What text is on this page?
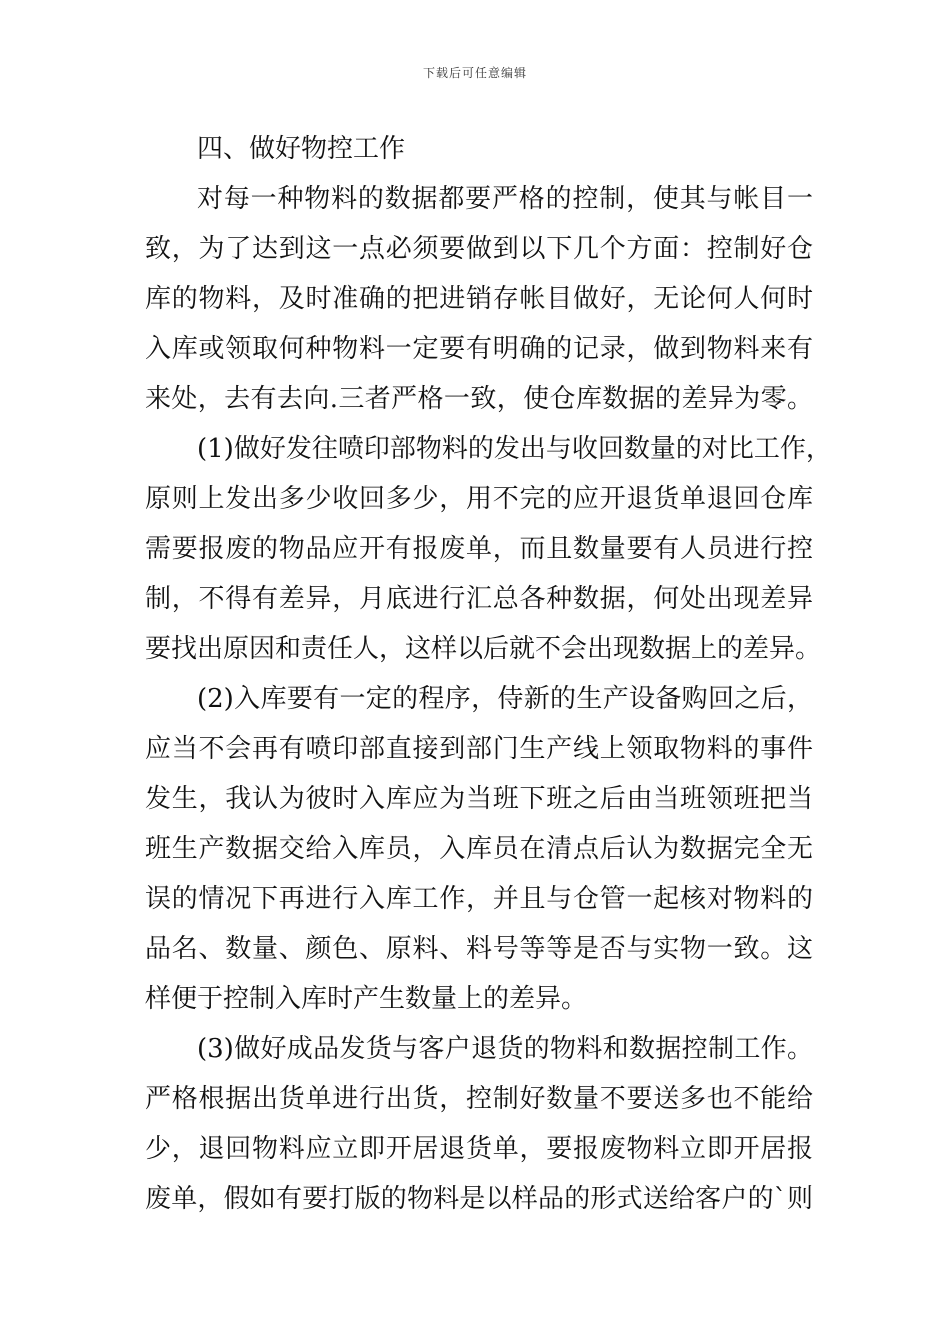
下载后可任意编辑
四、做好物控工作

对每一种物料的数据都要严格的控制，使其与帐目一
致，为了达到这一点必须要做到以下几个方面：控制好仓
库的物料，及时准确的把进销存帐目做好，无论何人何时
入库或领取何种物料一定要有明确的记录，做到物料来有
来处，去有去向.三者严格一致，使仓库数据的差异为零。

(1)做好发往喷印部物料的发出与收回数量的对比工作，
原则上发出多少收回多少，用不完的应开退货单退回仓库
需要报废的物品应开有报废单，而且数量要有人员进行控
制，不得有差异，月底进行汇总各种数据，何处出现差异
要找出原因和责任人，这样以后就不会出现数据上的差异。

(2)入库要有一定的程序，侍新的生产设备购回之后，
应当不会再有喷印部直接到部门生产线上领取物料的事件
发生，我认为彼时入库应为当班下班之后由当班领班把当
班生产数据交给入库员，入库员在清点后认为数据完全无
误的情况下再进行入库工作，并且与仓管一起核对物料的
品名、数量、颜色、原料、料号等等是否与实物一致。这
样便于控制入库时产生数量上的差异。

(3)做好成品发货与客户退货的物料和数据控制工作。
严格根据出货单进行出货，控制好数量不要送多也不能给
少，退回物料应立即开居退货单，要报废物料立即开居报
废单，假如有要打版的物料是以样品的形式送给客户的`则
